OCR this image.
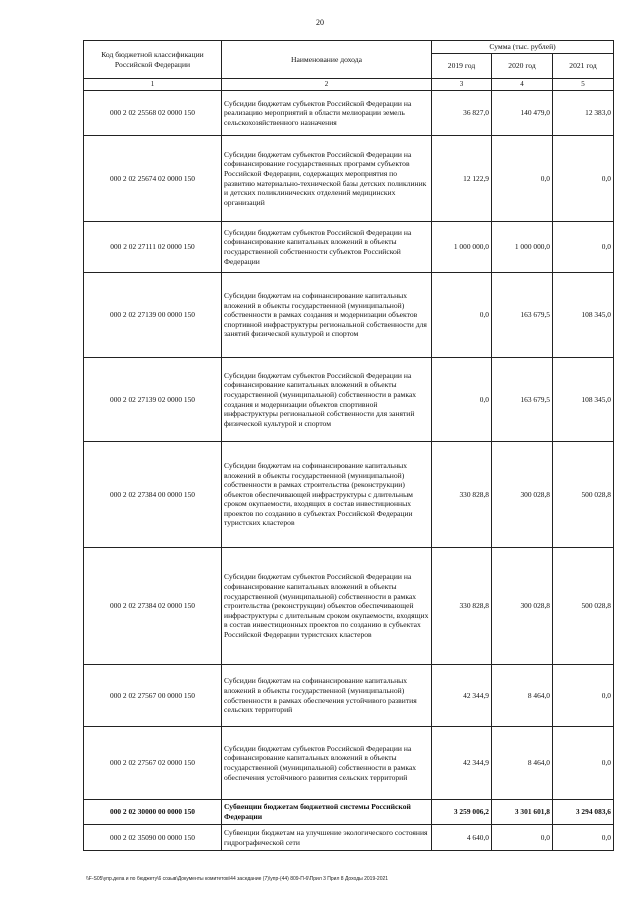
20
Код бюджетной классификации Российской Федерации	Наименование дохода	Сумма (тыс. рублей)		
		2019 год	2020 год	2021 год
1	2	3	4	5
000 2 02 25568 02 0000 150	Субсидии бюджетам субъектов Российской Федерации на реализацию мероприятий в области мелиорации земель сельскохозяйственного назначения	36 827,0	140 479,0	12 383,0
000 2 02 25674 02 0000 150	Субсидии бюджетам субъектов Российской Федерации на софинансирование государственных программ субъектов Российской Федерации, содержащих мероприятия по развитию материально-технической базы детских поликлиник и детских поликлинических отделений медицинских организаций	12 122,9	0,0	0,0
000 2 02 27111 02 0000 150	Субсидии бюджетам субъектов Российской Федерации на софинансирование капитальных вложений в объекты государственной собственности субъектов Российской Федерации	1 000 000,0	1 000 000,0	0,0
000 2 02 27139 00 0000 150	Субсидии бюджетам на софинансирование капитальных вложений в объекты государственной (муниципальной) собственности в рамках создания и модернизации объектов спортивной инфраструктуры региональной собственности для занятий физической культурой и спортом	0,0	163 679,5	108 345,0
000 2 02 27139 02 0000 150	Субсидии бюджетам субъектов Российской Федерации на софинансирование капитальных вложений в объекты государственной (муниципальной) собственности в рамках создания и модернизации объектов спортивной инфраструктуры региональной собственности для занятий физической культурой и спортом	0,0	163 679,5	108 345,0
000 2 02 27384 00 0000 150	Субсидии бюджетам на софинансирование капитальных вложений в объекты государственной (муниципальной) собственности в рамках строительства (реконструкции) объектов обеспечивающей инфраструктуры с длительным сроком окупаемости, входящих в состав инвестиционных проектов по созданию в субъектах Российской Федерации туристских кластеров	330 828,8	300 028,8	500 028,8
000 2 02 27384 02 0000 150	Субсидии бюджетам субъектов Российской Федерации на софинансирование капитальных вложений в объекты государственной (муниципальной) собственности в рамках строительства (реконструкции) объектов обеспечивающей инфраструктуры с длительным сроком окупаемости, входящих в состав инвестиционных проектов по созданию в субъектах Российской Федерации туристских кластеров	330 828,8	300 028,8	500 028,8
000 2 02 27567 00 0000 150	Субсидии бюджетам на софинансирование капитальных вложений в объекты государственной (муниципальной) собственности в рамках обеспечения устойчивого развития сельских территорий	42 344,9	8 464,0	0,0
000 2 02 27567 02 0000 150	Субсидии бюджетам субъектов Российской Федерации на софинансирование капитальных вложений в объекты государственной (муниципальной) собственности в рамках обеспечения устойчивого развития сельских территорий	42 344,9	8 464,0	0,0
000 2 02 30000 00 0000 150	Субвенции бюджетам бюджетной системы Российской Федерации	3 259 006,2	3 301 601,8	3 294 083,6
000 2 02 35090 00 0000 150	Субвенции бюджетам на улучшение экологического состояния гидрографической сети	4 640,0	0,0	0,0
\\F-S05\упр.дела и по бюджету\6 созыв\Документы комитетов\44 заседание (7)\упр-(44) 809-П-6\Прил 3 Прил 8 Доходы 2019-2021
